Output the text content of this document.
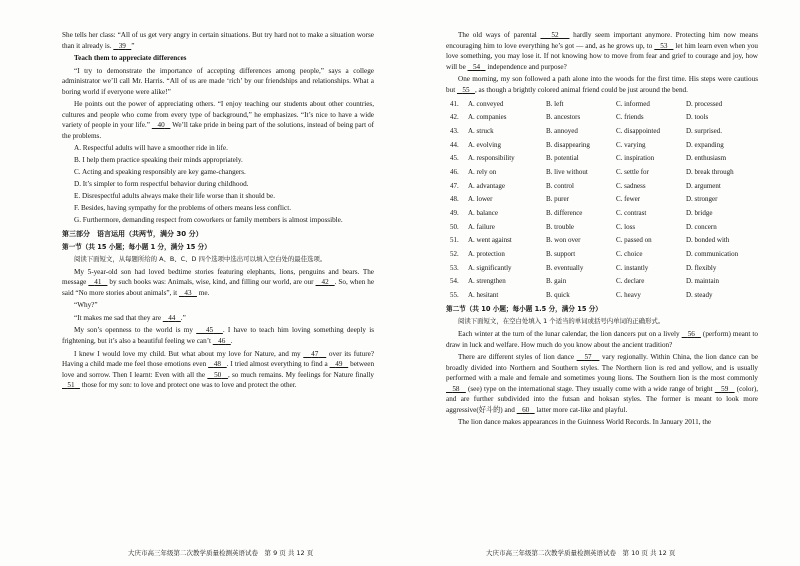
She tells her class: “All of us get very angry in certain situations. But try hard not to make a situation worse than it already is. 39 ”

Teach them to appreciate differences

“I try to demonstrate the importance of accepting differences among people,” says a college administrator we’ll call Mr. Harris. “All of us are made ‘rich’ by our friendships and relationships. What a boring world if everyone were alike!”

He points out the power of appreciating others. “I enjoy teaching our students about other countries, cultures and people who come from every type of background,” he emphasizes. “It’s nice to have a wide variety of people in your life.” 40 We’ll take pride in being part of the solutions, instead of being part of the problems.

A. Respectful adults will have a smoother ride in life.

B. I help them practice speaking their minds appropriately.

C. Acting and speaking responsibly are key game-changers.

D. It’s simpler to form respectful behavior during childhood.

E. Disrespectful adults always make their life worse than it should be.

F. Besides, having sympathy for the problems of others means less conflict.

G. Furthermore, demanding respect from coworkers or family members is almost impossible.

第三部分　语言运用（共两节，满分 30 分）

第一节（共 15 小题；每小题 1 分，满分 15 分）

阅读下面短文，从每题所给的 A、B、C、D 四个选项中选出可以填入空白处的最佳选项。

My 5-year-old son had loved bedtime stories featuring elephants, lions, penguins and bears. The message 41 by such books was: Animals, wise, kind, and filling our world, are our 42 . So, when he said “No more stories about animals”, it 43 me.

“Why?”

“It makes me sad that they are 44 .”

My son’s openness to the world is my 45 . I have to teach him loving something deeply is frightening, but it’s also a beautiful feeling we can’t 46 .

I knew I would love my child. But what about my love for Nature, and my 47 over its future? Having a child made me feel those emotions even 48 . I tried almost everything to find a 49 between love and sorrow. Then I learnt: Even with all the 50 , so much remains. My feelings for Nature finally    51 those for my son: to love and protect one was to love and protect the other.

The old ways of parental 52 hardly seem important anymore. Protecting him now means encouraging him to love everything he’s got — and, as he grows up, to 53 let him learn even when you love something, you may lose it. If not knowing how to move from fear and grief to courage and joy, how will be 54 independence and purpose?

One morning, my son followed a path alone into the woods for the first time. His steps were cautious but 55 , as though a brightly colored animal friend could be just around the bend.

41.	A. conveyed	B. left	C. informed	D. processed
42.	A. companies	B. ancestors	C. friends	D. tools
43.	A. struck	B. annoyed	C. disappointed	D. surprised.
44.	A. evolving	B. disappearing	C. varying	D. expanding
45.	A. responsibility	B. potential	C. inspiration	D. enthusiasm
46.	A. rely on	B. live without	C. settle for	D. break through
47.	A. advantage	B. control	C. sadness	D. argument
48.	A. lower	B. purer	C. fewer	D. stronger
49.	A. balance	B. difference	C. contrast	D. bridge
50.	A. failure	B. trouble	C. loss	D. concern
51.	A. went against	B. won over	C. passed on	D. bonded with
52.	A. protection	B. support	C. choice	D. communication
53.	A. significantly	B. eventually	C. instantly	D. flexibly
54.	A. strengthen	B. gain	C. declare	D. maintain
55.	A. hesitant	B. quick	C. heavy	D. steady

第二节（共 10 小题；每小题 1.5 分，满分 15 分）

阅读下面短文，在空白处填入 1 个适当的单词或括号内单词的正确形式。

Each winter at the turn of the lunar calendar, the lion dancers put on a lively 56 (perform) meant to draw in luck and welfare. How much do you know about the ancient tradition?

There are different styles of lion dance 57 vary regionally. Within China, the lion dance can be broadly divided into Northern and Southern styles. The Northern lion is red and yellow, and is usually performed with a male and female and sometimes young lions. The Southern lion is the most commonly    58 (see) type on the international stage. They usually come with a wide range of bright 59 (color), and are further subdivided into the futsan and hoksan styles. The former is meant to look more aggressive(好斗的) and 60 latter more cat-like and playful.

The lion dance makes appearances in the Guinness World Records. In January 2011, the

大庆市高三年级第二次教学质量检测英语试卷　第 9 页 共 12 页	大庆市高三年级第二次教学质量检测英语试卷　第 10 页 共 12 页
